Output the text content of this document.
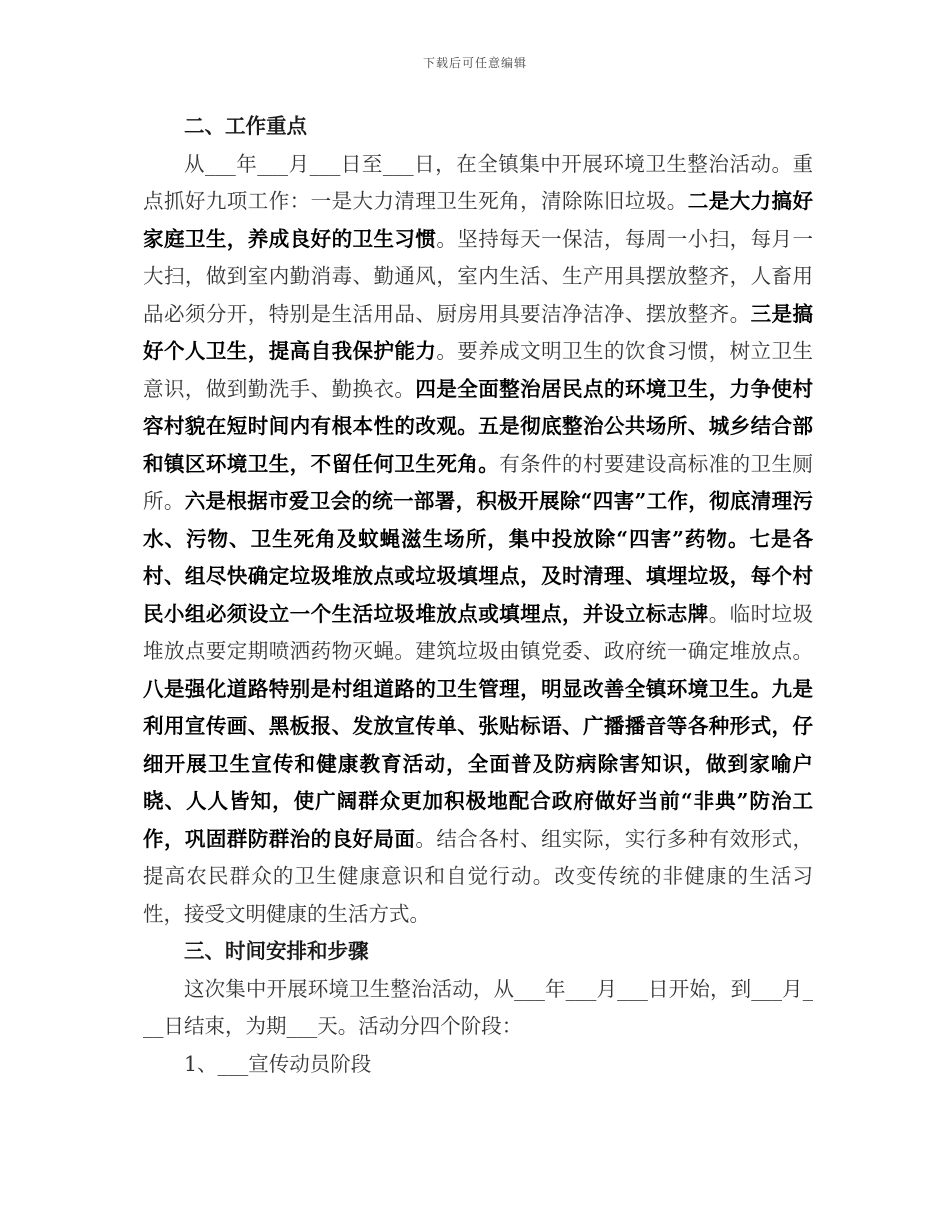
下载后可任意编辑

二、工作重点

从___年___月___日至___日，在全镇集中开展环境卫生整治活动。重点抓好九项工作：一是大力清理卫生死角，清除陈旧垃圾。二是大力搞好家庭卫生，养成良好的卫生习惯。坚持每天一保洁，每周一小扫，每月一大扫，做到室内勤消毒、勤通风，室内生活、生产用具摆放整齐，人畜用品必须分开，特别是生活用品、厨房用具要洁净洁净、摆放整齐。三是搞好个人卫生，提高自我保护能力。要养成文明卫生的饮食习惯，树立卫生意识，做到勤洗手、勤换衣。四是全面整治居民点的环境卫生，力争使村容村貌在短时间内有根本性的改观。五是彻底整治公共场所、城乡结合部和镇区环境卫生，不留任何卫生死角。有条件的村要建设高标准的卫生厕所。六是根据市爱卫会的统一部署，积极开展除“四害”工作，彻底清理污水、污物、卫生死角及蚊蝇滋生场所，集中投放除“四害”药物。七是各村、组尽快确定垃圾堆放点或垃圾填埋点，及时清理、填埋垃圾，每个村民小组必须设立一个生活垃圾堆放点或填埋点，并设立标志牌。临时垃圾堆放点要定期喷洒药物灭蝇。建筑垃圾由镇党委、政府统一确定堆放点。八是强化道路特别是村组道路的卫生管理，明显改善全镇环境卫生。九是利用宣传画、黑板报、发放宣传单、张贴标语、广播播音等各种形式，仔细开展卫生宣传和健康教育活动，全面普及防病除害知识，做到家喻户晓、人人皆知，使广阔群众更加积极地配合政府做好当前“非典”防治工作，巩固群防群治的良好局面。结合各村、组实际，实行多种有效形式，提高农民群众的卫生健康意识和自觉行动。改变传统的非健康的生活习性，接受文明健康的生活方式。

三、时间安排和步骤

这次集中开展环境卫生整治活动，从___年___月___日开始，到___月___日结束，为期___天。活动分四个阶段：

1、___宣传动员阶段
